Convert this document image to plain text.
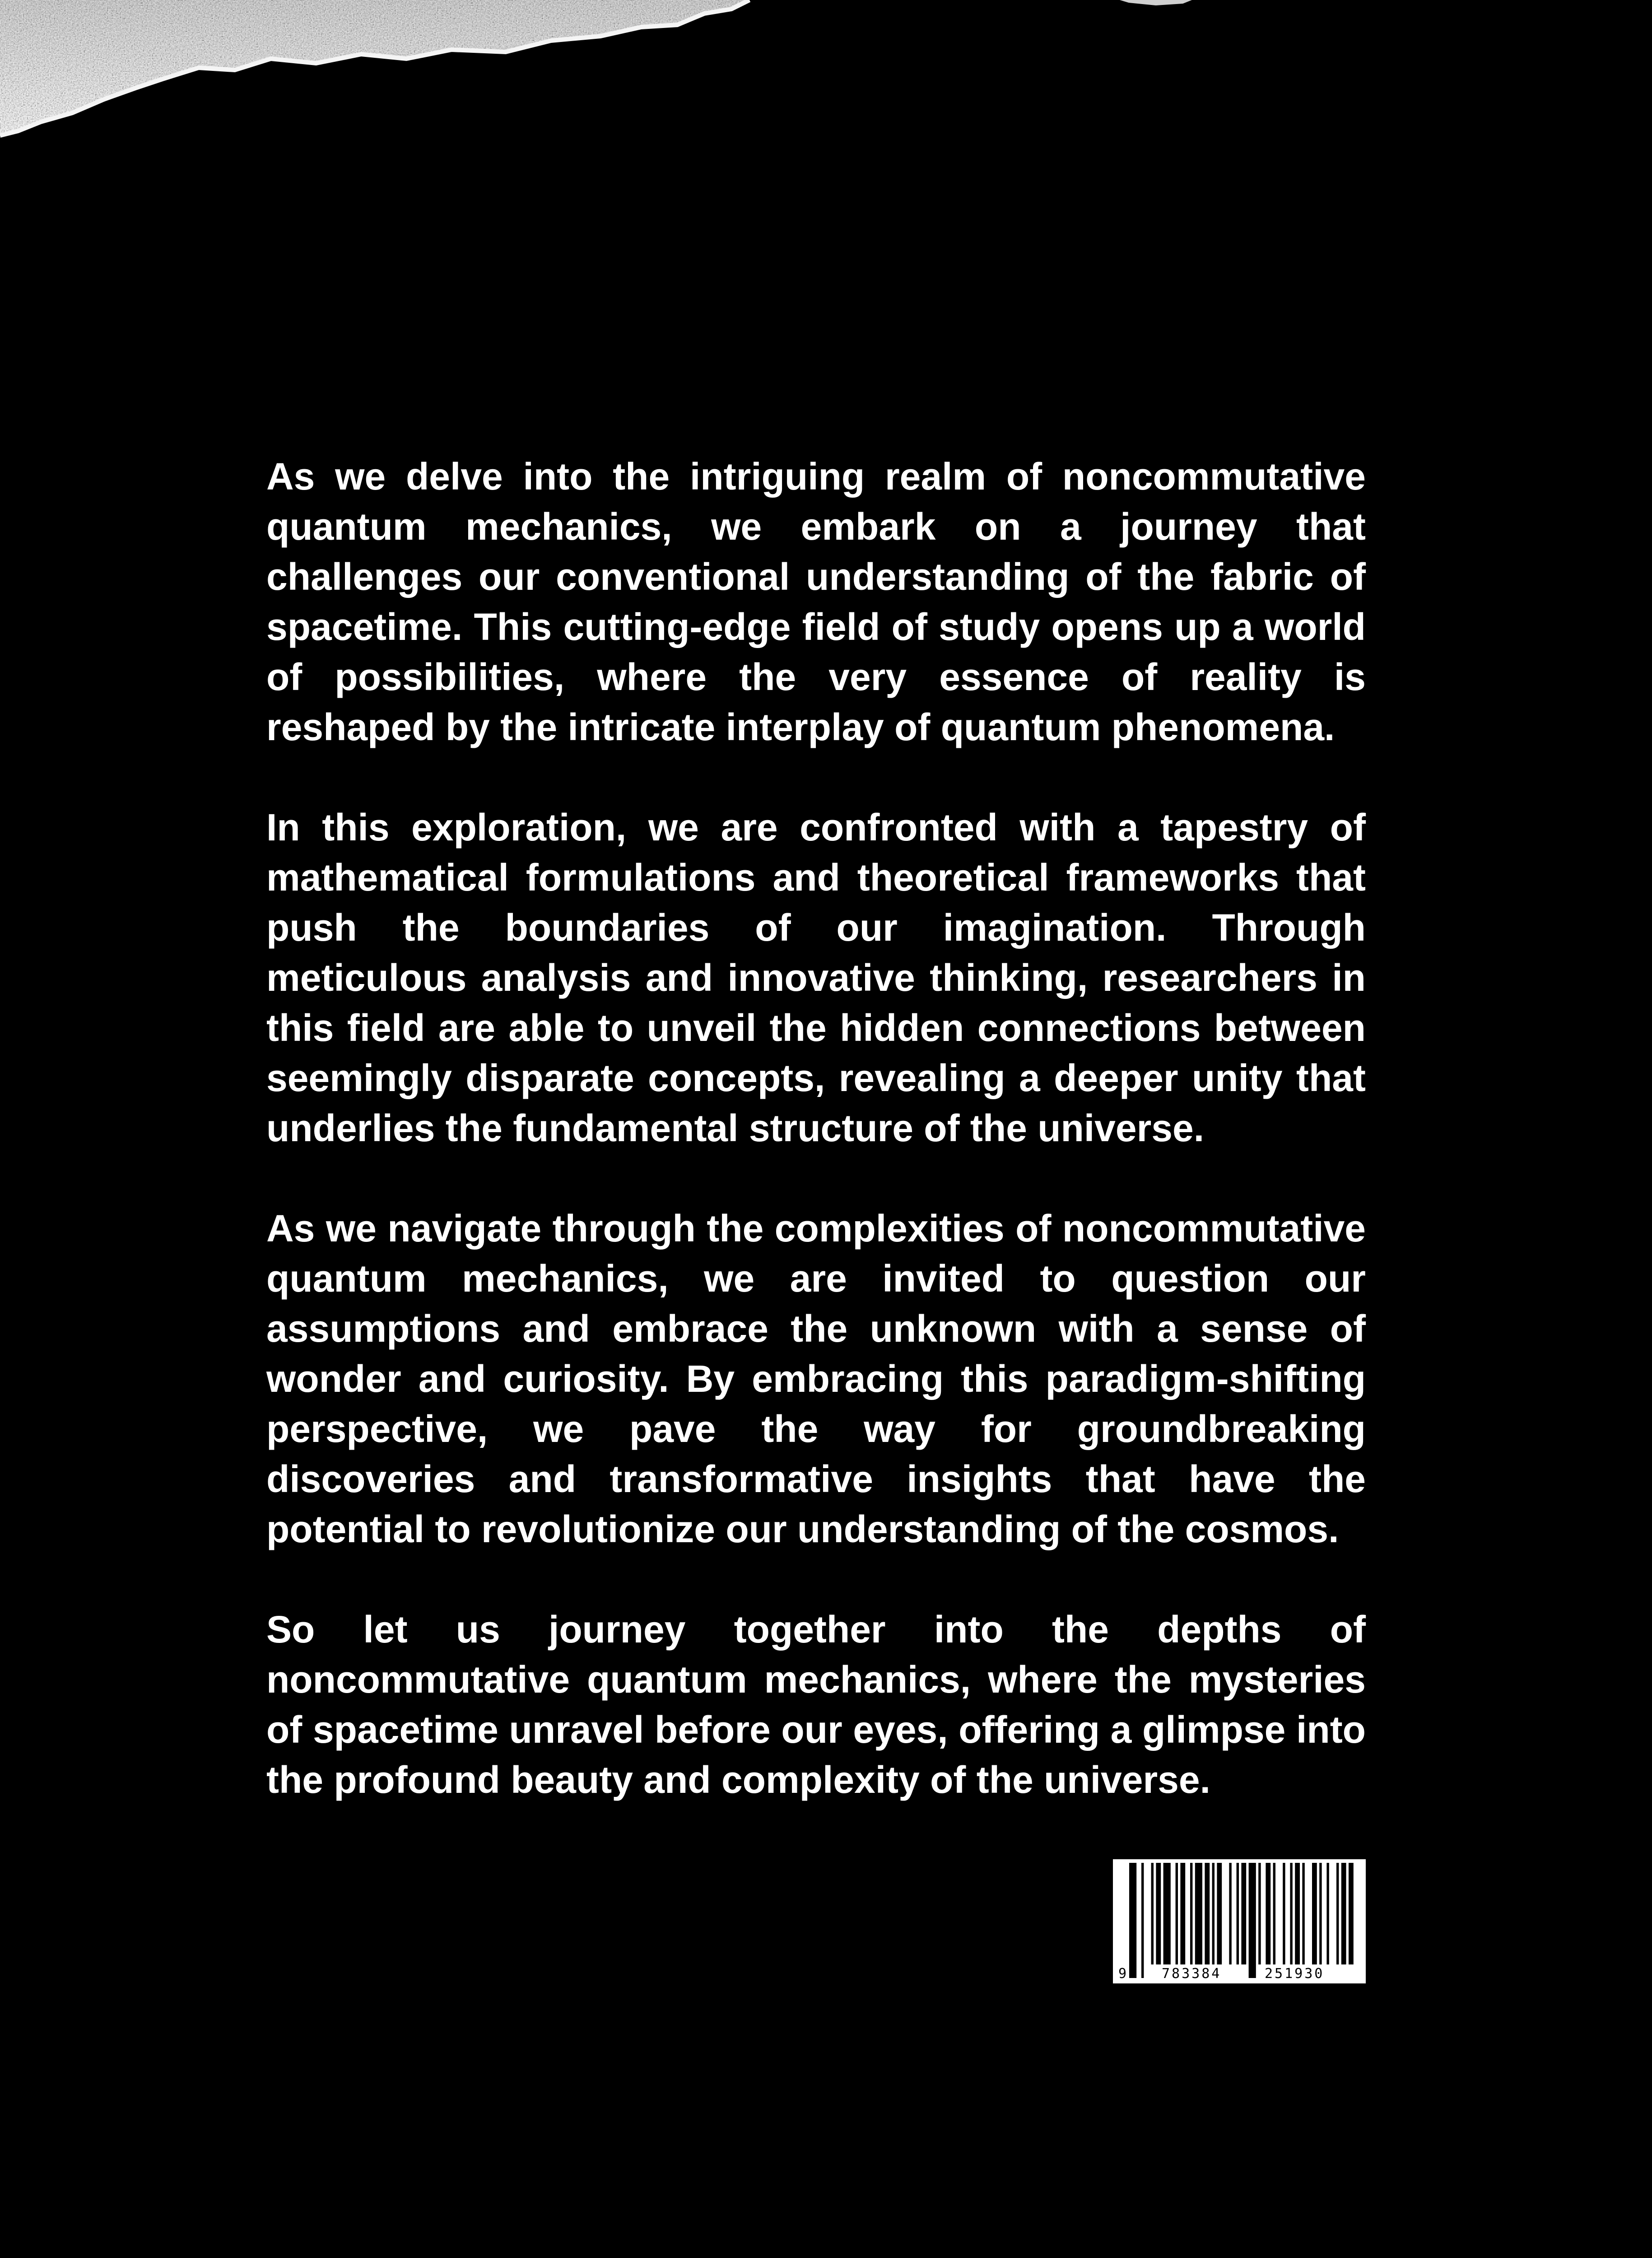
As we delve into the intriguing realm of noncommutative quantum mechanics, we embark on a journey that challenges our conventional understanding of the fabric of spacetime. This cutting-edge field of study opens up a world of possibilities, where the very essence of reality is reshaped by the intricate interplay of quantum phenomena.

In this exploration, we are confronted with a tapestry of mathematical formulations and theoretical frameworks that push the boundaries of our imagination. Through meticulous analysis and innovative thinking, researchers in this field are able to unveil the hidden connections between seemingly disparate concepts, revealing a deeper unity that underlies the fundamental structure of the universe.

As we navigate through the complexities of noncommutative quantum mechanics, we are invited to question our assumptions and embrace the unknown with a sense of wonder and curiosity. By embracing this paradigm-shifting perspective, we pave the way for groundbreaking discoveries and transformative insights that have the potential to revolutionize our understanding of the cosmos.

So let us journey together into the depths of noncommutative quantum mechanics, where the mysteries of spacetime unravel before our eyes, offering a glimpse into the profound beauty and complexity of the universe.

9	783384	251930
